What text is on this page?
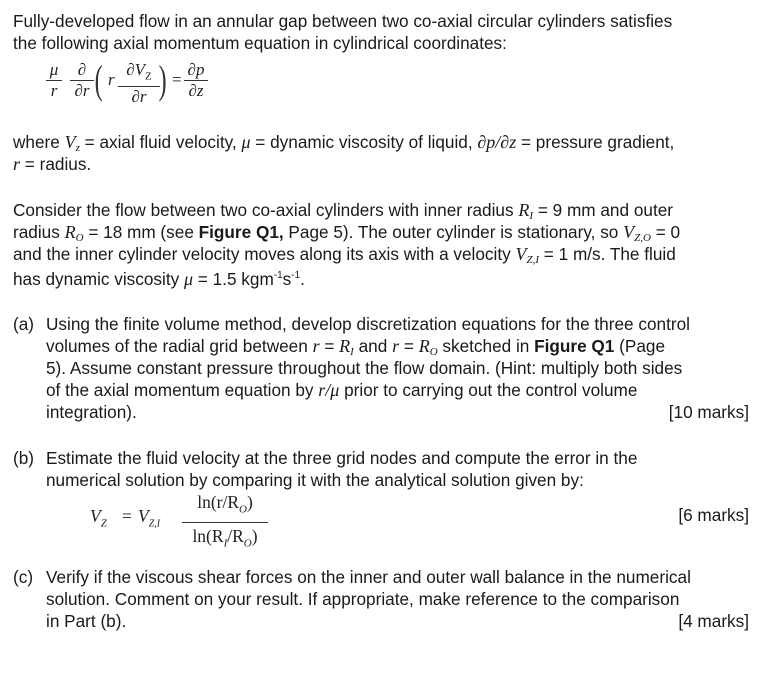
Fully-developed flow in an annular gap between two co-axial circular cylinders satisfies
the following axial momentum equation in cylindrical coordinates:
μ
r
∂
∂r ( r
$\partial V_Z$
∂r ) =
∂p
∂z
where $V_z$ = axial fluid velocity, μ = dynamic viscosity of liquid, ∂p/∂z = pressure gradient,
r = radius.
Consider the flow between two co-axial cylinders with inner radius $R_I = 9$ mm and outer
radius $R_O = 18$ mm (see Figure Q1, Page 5). The outer cylinder is stationary, so $V_{Z,O} = 0$
and the inner cylinder velocity moves along its axis with a velocity $V_{Z,I} = 1$ m/s. The fluid
has dynamic viscosity μ = 1.5 $kgm^{-1}s^{-1}$.
(a) Using the finite volume method, develop discretization equations for the three control
volumes of the radial grid between $r = R_I$ and $r = R_O$ sketched in Figure Q1 (Page
5). Assume constant pressure throughout the flow domain. (Hint: multiply both sides
of the axial momentum equation by r/μ prior to carrying out the control volume
integration).	[10 marks]
(b) Estimate the fluid velocity at the three grid nodes and compute the error in the
numerical solution by comparing it with the analytical solution given by:
$V_Z = V_{Z,I}$
$\ln(r/R_O)$
$\ln(R_I/R_O)$
[6 marks]
(c) Verify if the viscous shear forces on the inner and outer wall balance in the numerical
solution. Comment on your result. If appropriate, make reference to the comparison
in Part (b).	[4 marks]
